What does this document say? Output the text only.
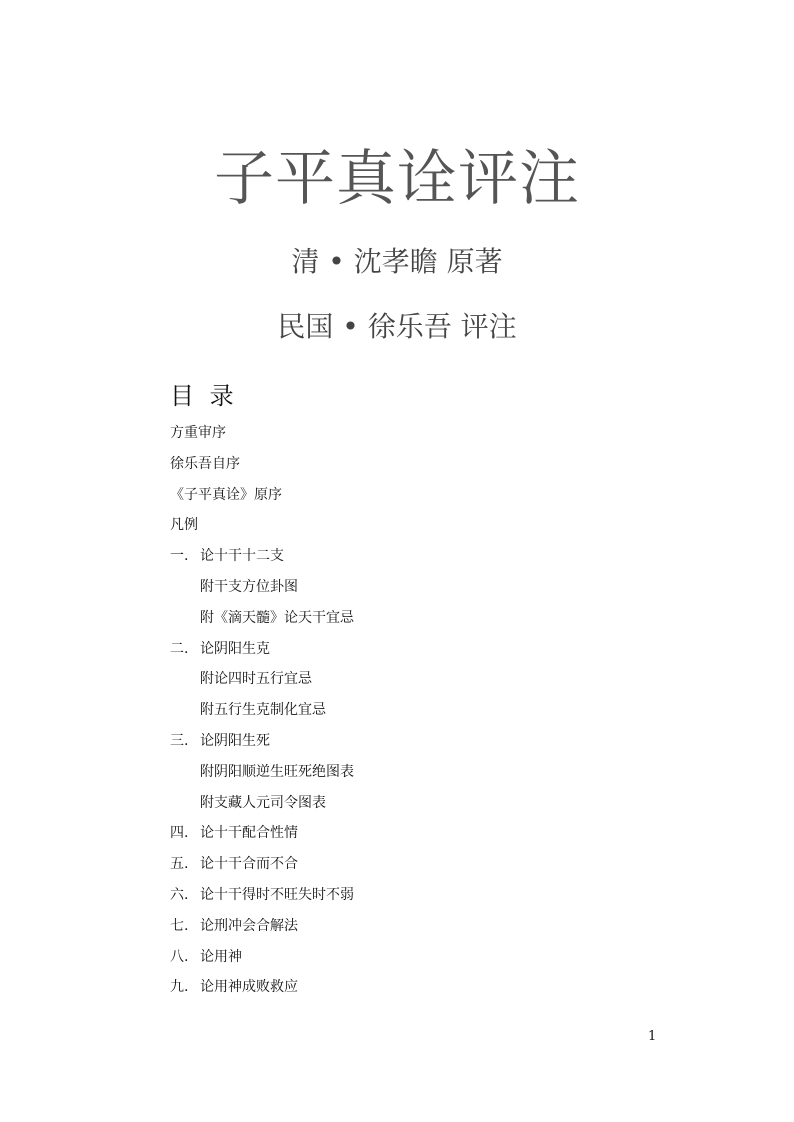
子平真诠评注
清 • 沈孝瞻 原著
民国 • 徐乐吾 评注
目 录
方重审序
徐乐吾自序
《子平真诠》原序
凡例
一. 论十干十二支
附干支方位卦图
附《滴天髓》论天干宜忌
二. 论阴阳生克
附论四时五行宜忌
附五行生克制化宜忌
三. 论阴阳生死
附阴阳顺逆生旺死绝图表
附支藏人元司令图表
四. 论十干配合性情
五. 论十干合而不合
六. 论十干得时不旺失时不弱
七. 论刑冲会合解法
八. 论用神
九. 论用神成败救应
1
